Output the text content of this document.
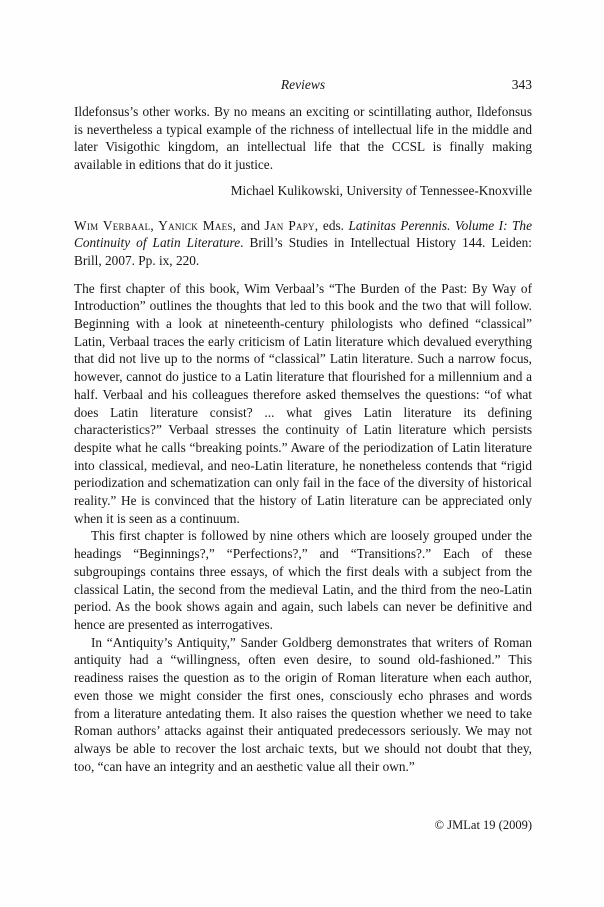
Reviews	343

Ildefonsus’s other works. By no means an exciting or scintillating author, Ildefonsus is nevertheless a typical example of the richness of intellectual life in the middle and later Visigothic kingdom, an intellectual life that the CCSL is finally making available in editions that do it justice.

Michael Kulikowski, University of Tennessee-Knoxville

Wim Verbaal, Yanick Maes, and Jan Papy, eds. Latinitas Perennis. Volume I: The Continuity of Latin Literature. Brill’s Studies in Intellectual History 144. Leiden: Brill, 2007. Pp. ix, 220.

The first chapter of this book, Wim Verbaal’s “The Burden of the Past: By Way of Introduction” outlines the thoughts that led to this book and the two that will follow. Beginning with a look at nineteenth-century philologists who defined “classical” Latin, Verbaal traces the early criticism of Latin literature which devalued everything that did not live up to the norms of “classical” Latin literature. Such a narrow focus, however, cannot do justice to a Latin literature that flourished for a millennium and a half. Verbaal and his colleagues therefore asked themselves the questions: “of what does Latin literature consist? ... what gives Latin literature its defining characteristics?” Verbaal stresses the continuity of Latin literature which persists despite what he calls “breaking points.” Aware of the periodization of Latin literature into classical, medieval, and neo-Latin literature, he nonetheless contends that “rigid periodization and schematization can only fail in the face of the diversity of historical reality.” He is convinced that the history of Latin literature can be appreciated only when it is seen as a continuum.

This first chapter is followed by nine others which are loosely grouped under the headings “Beginnings?,” “Perfections?,” and “Transitions?.” Each of these subgroupings contains three essays, of which the first deals with a subject from the classical Latin, the second from the medieval Latin, and the third from the neo-Latin period. As the book shows again and again, such labels can never be definitive and hence are presented as interrogatives.

In “Antiquity’s Antiquity,” Sander Goldberg demonstrates that writers of Roman antiquity had a “willingness, often even desire, to sound old-fashioned.” This readiness raises the question as to the origin of Roman literature when each author, even those we might consider the first ones, consciously echo phrases and words from a literature antedating them. It also raises the question whether we need to take Roman authors’ attacks against their antiquated predecessors seriously. We may not always be able to recover the lost archaic texts, but we should not doubt that they, too, “can have an integrity and an aesthetic value all their own.”

© JMLat 19 (2009)
